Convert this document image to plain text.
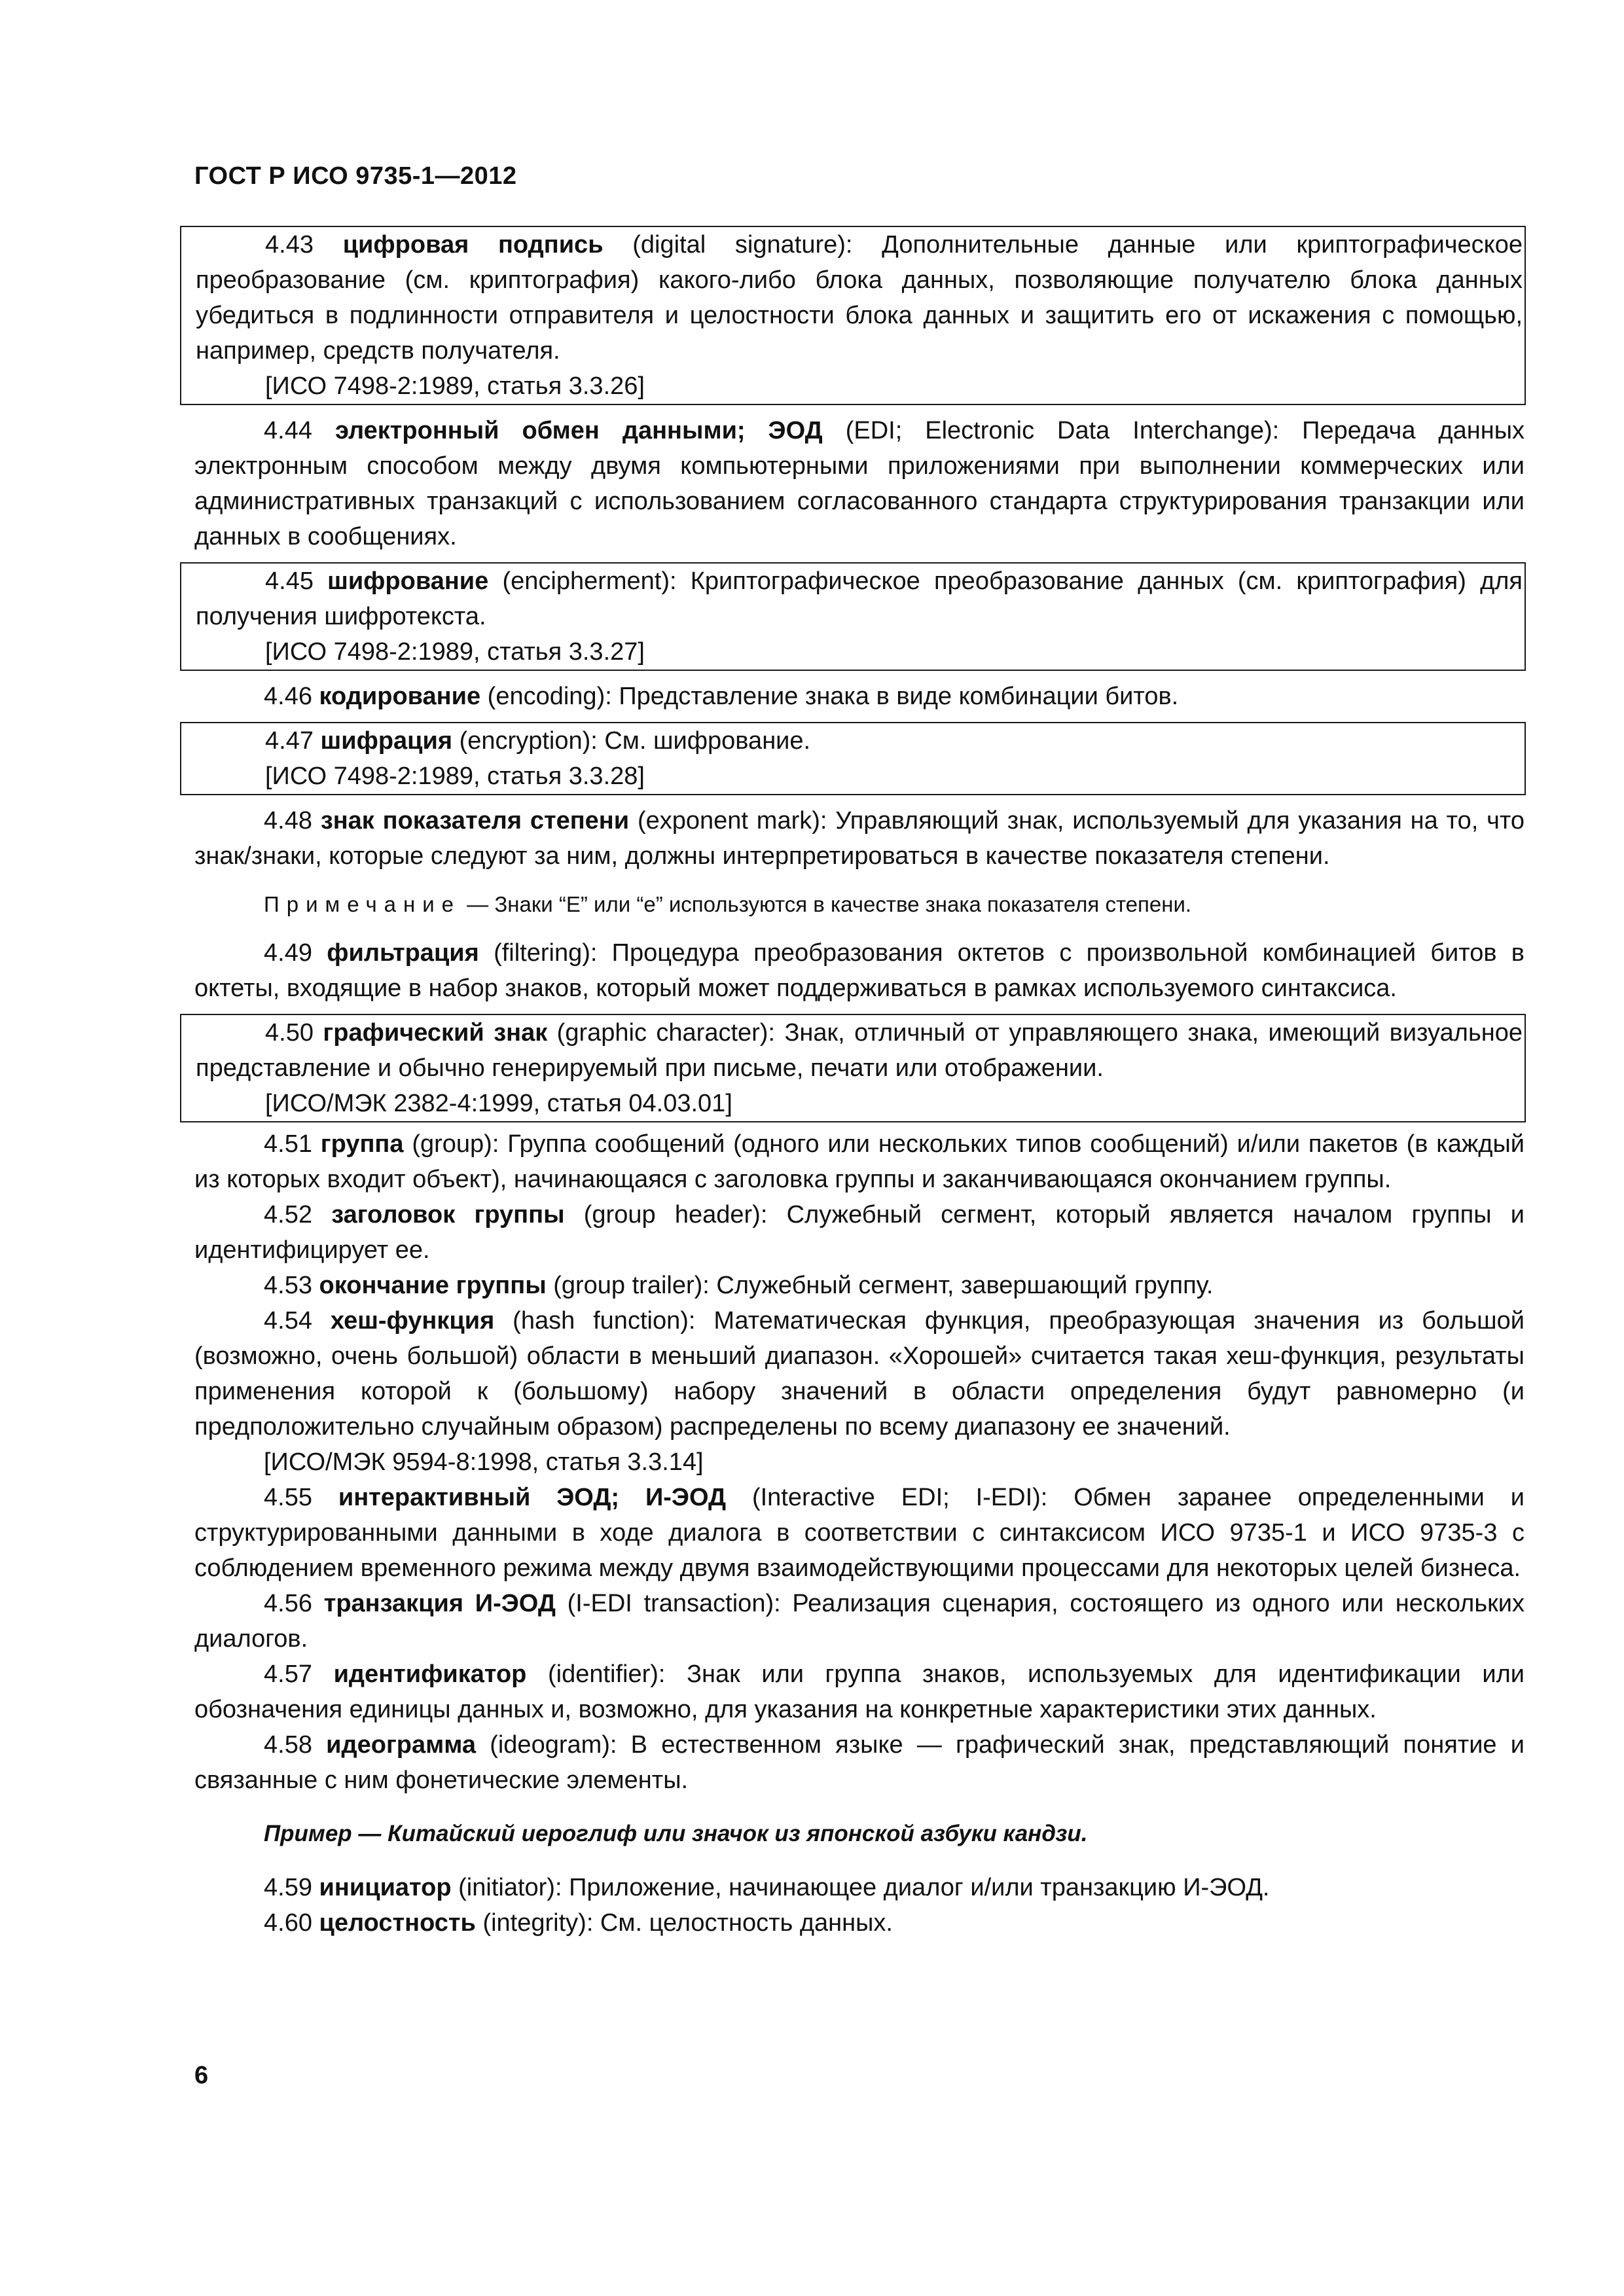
ГОСТ Р ИСО 9735-1—2012

4.43 цифровая подпись (digital signature): Дополнительные данные или криптографическое преобразование (см. криптография) какого-либо блока данных, позволяющие получателю блока данных убедиться в подлинности отправителя и целостности блока данных и защитить его от искажения с помощью, например, средств получателя.

[ИСО 7498-2:1989, статья 3.3.26]

4.44 электронный обмен данными; ЭОД (EDI; Electronic Data Interchange): Передача данных электронным способом между двумя компьютерными приложениями при выполнении коммерческих или административных транзакций с использованием согласованного стандарта структурирования транзакции или данных в сообщениях.

4.45 шифрование (encipherment): Криптографическое преобразование данных (см. криптография) для получения шифротекста.

[ИСО 7498-2:1989, статья 3.3.27]

4.46 кодирование (encoding): Представление знака в виде комбинации битов.

4.47 шифрация (encryption): См. шифрование.

[ИСО 7498-2:1989, статья 3.3.28]

4.48 знак показателя степени (exponent mark): Управляющий знак, используемый для указания на то, что знак/знаки, которые следуют за ним, должны интерпретироваться в качестве показателя степени.

Примечание — Знаки “E” или “e” используются в качестве знака показателя степени.

4.49 фильтрация (filtering): Процедура преобразования октетов с произвольной комбинацией битов в октеты, входящие в набор знаков, который может поддерживаться в рамках используемого синтаксиса.

4.50 графический знак (graphic character): Знак, отличный от управляющего знака, имеющий визуальное представление и обычно генерируемый при письме, печати или отображении.

[ИСО/МЭК 2382-4:1999, статья 04.03.01]

4.51 группа (group): Группа сообщений (одного или нескольких типов сообщений) и/или пакетов (в каждый из которых входит объект), начинающаяся с заголовка группы и заканчивающаяся окончанием группы.

4.52 заголовок группы (group header): Служебный сегмент, который является началом группы и идентифицирует ее.

4.53 окончание группы (group trailer): Служебный сегмент, завершающий группу.

4.54 хеш-функция (hash function): Математическая функция, преобразующая значения из большой (возможно, очень большой) области в меньший диапазон. «Хорошей» считается такая хеш-функция, результаты применения которой к (большому) набору значений в области определения будут равномерно (и предположительно случайным образом) распределены по всему диапазону ее значений.

[ИСО/МЭК 9594-8:1998, статья 3.3.14]

4.55 интерактивный ЭОД; И-ЭОД (Interactive EDI; I-EDI): Обмен заранее определенными и структурированными данными в ходе диалога в соответствии с синтаксисом ИСО 9735-1 и ИСО 9735-3 с соблюдением временного режима между двумя взаимодействующими процессами для некоторых целей бизнеса.

4.56 транзакция И-ЭОД (I-EDI transaction): Реализация сценария, состоящего из одного или нескольких диалогов.

4.57 идентификатор (identifier): Знак или группа знаков, используемых для идентификации или обозначения единицы данных и, возможно, для указания на конкретные характеристики этих данных.

4.58 идеограмма (ideogram): В естественном языке — графический знак, представляющий понятие и связанные с ним фонетические элементы.

Пример — Китайский иероглиф или значок из японской азбуки кандзи.

4.59 инициатор (initiator): Приложение, начинающее диалог и/или транзакцию И-ЭОД.

4.60 целостность (integrity): См. целостность данных.

6
